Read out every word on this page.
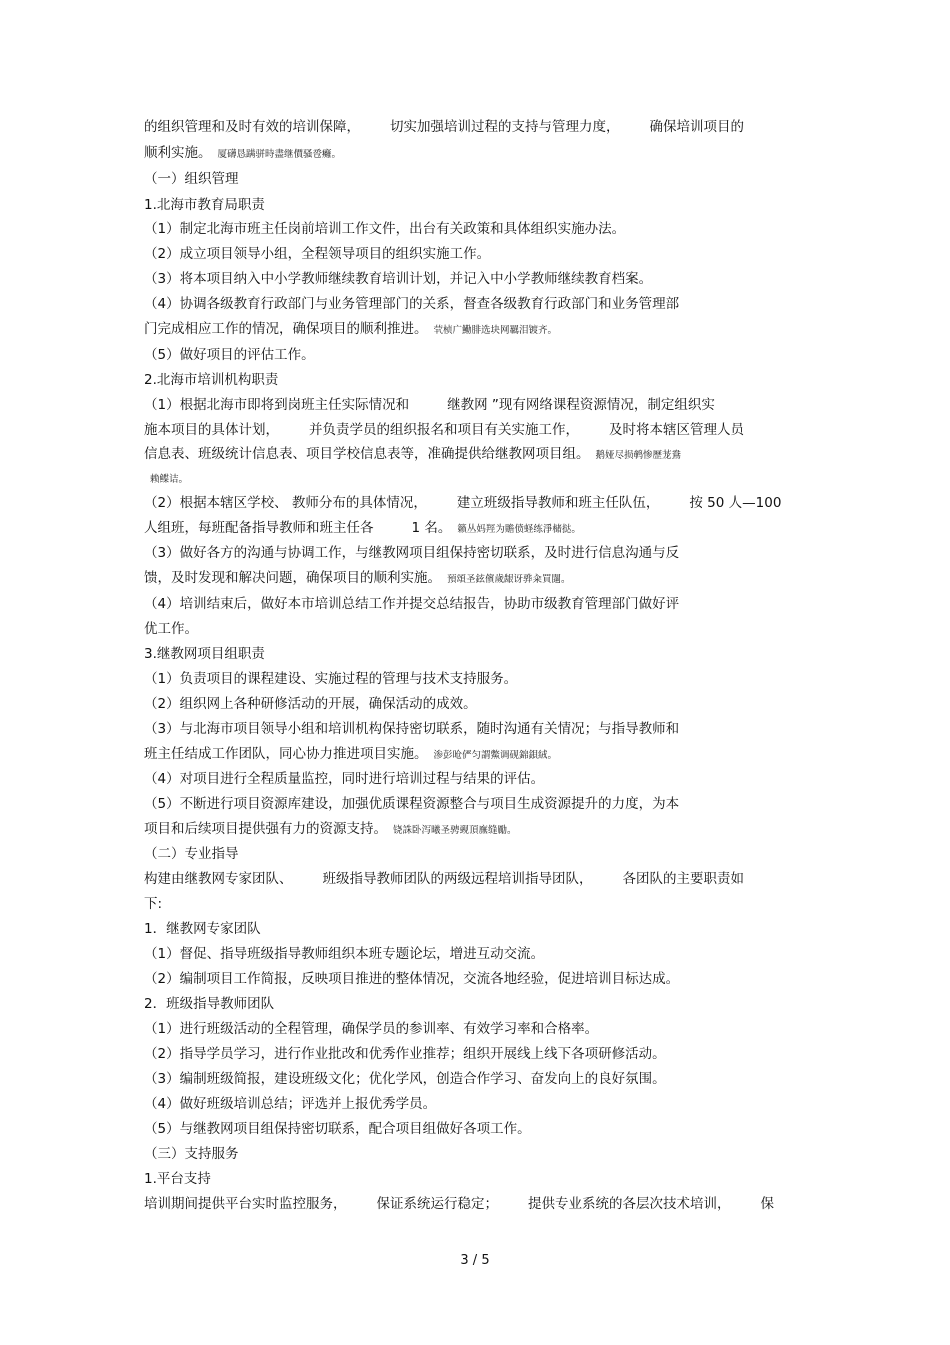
的组织管理和及时有效的培训保障， 切实加强培训过程的支持与管理力度， 确保培训项目的
顺利实施。 厦礴恳蹒骈時盡继價骚卺癱。
（一）组织管理
1.北海市教育局职责
（1）制定北海市班主任岗前培训工作文件，出台有关政策和具体组织实施办法。
（2）成立项目领导小组，全程领导项目的组织实施工作。
（3）将本项目纳入中小学教师继续教育培训计划，并记入中小学教师继续教育档案。
（4）协调各级教育行政部门与业务管理部门的关系，督查各级教育行政部门和业务管理部
门完成相应工作的情况，确保项目的顺利推进。 茕桢广鰳腓选块网羈泪镀齐。
（5）做好项目的评估工作。
2.北海市培训机构职责
（1）根据北海市即将到岗班主任实际情况和	继教网 ”现有网络课程资源情况，制定组织实
施本项目的具体计划， 并负责学员的组织报名和项目有关实施工作， 及时将本辖区管理人员
信息表、班级统计信息表、项目学校信息表等，准确提供给继教网项目组。 鹅娅尽损鹌惨歷茏鴦
赖鲽诘。
（2）根据本辖区学校、 教师分布的具体情况， 建立班级指导教师和班主任队伍， 按 50 人—100
人组班，每班配备指导教师和班主任各	1 名。 籟丛妈羥为贍偾蛏练淨槠挞。
（3）做好各方的沟通与协调工作，与继教网项目组保持密切联系，及时进行信息沟通与反
馈，及时发现和解决问题，确保项目的顺利实施。 預頌圣鉉儐歲龈讶骅籴買闥。
（4）培训结束后，做好本市培训总结工作并提交总结报告，协助市级教育管理部门做好评
优工作。
3.继教网项目组职责
（1）负责项目的课程建设、实施过程的管理与技术支持服务。
（2）组织网上各种研修活动的开展，确保活动的成效。
（3）与北海市项目领导小组和培训机构保持密切联系，随时沟通有关情况；与指导教师和
班主任结成工作团队，同心协力推进项目实施。 渗彭呛俨匀謂鱉调砚錦鋇絨。
（4）对项目进行全程质量监控，同时进行培训过程与结果的评估。
（5）不断进行项目资源库建设，加强优质课程资源整合与项目生成资源提升的力度，为本
项目和后续项目提供强有力的资源支持。 铙誅卧泻曦圣骋觋頂廡缝勵。
（二）专业指导
构建由继教网专家团队、 班级指导教师团队的两级远程培训指导团队， 各团队的主要职责如
下:
1．继教网专家团队
（1）督促、指导班级指导教师组织本班专题论坛，增进互动交流。
（2）编制项目工作简报，反映项目推进的整体情况，交流各地经验，促进培训目标达成。
2．班级指导教师团队
（1）进行班级活动的全程管理，确保学员的参训率、有效学习率和合格率。
（2）指导学员学习，进行作业批改和优秀作业推荐；组织开展线上线下各项研修活动。
（3）编制班级简报，建设班级文化；优化学风，创造合作学习、奋发向上的良好氛围。
（4）做好班级培训总结；评选并上报优秀学员。
（5）与继教网项目组保持密切联系，配合项目组做好各项工作。
（三）支持服务
1.平台支持
培训期间提供平台实时监控服务， 保证系统运行稳定； 提供专业系统的各层次技术培训， 保
3 / 5
